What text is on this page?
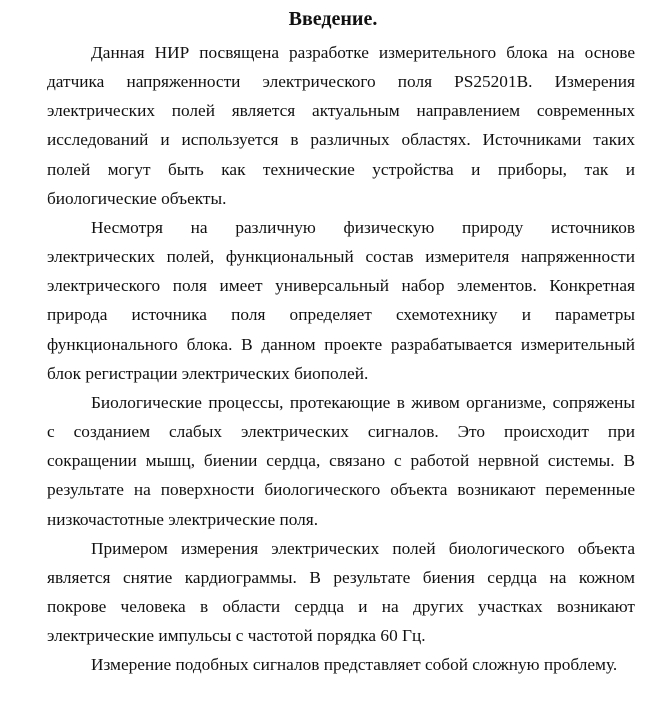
Введение.

Данная НИР посвящена разработке измерительного блока на основе
датчика напряженности электрического поля PS25201B. Измерения
электрических полей является актуальным направлением современных
исследований и используется в различных областях. Источниками таких
полей могут быть как технические устройства и приборы, так и
биологические объекты.

Несмотря на различную физическую природу источников
электрических полей, функциональный состав измерителя напряженности
электрического поля имеет универсальный набор элементов. Конкретная
природа источника поля определяет схемотехнику и параметры
функционального блока. В данном проекте разрабатывается измерительный
блок регистрации электрических биополей.

Биологические процессы, протекающие в живом организме, сопряжены
с созданием слабых электрических сигналов. Это происходит при
сокращении мышц, биении сердца, связано с работой нервной системы. В
результате на поверхности биологического объекта возникают переменные
низкочастотные электрические поля.

Примером измерения электрических полей биологического объекта
является снятие кардиограммы. В результате биения сердца на кожном
покрове человека в области сердца и на других участках возникают
электрические импульсы с частотой порядка 60 Гц.

Измерение подобных сигналов представляет собой сложную проблему.
